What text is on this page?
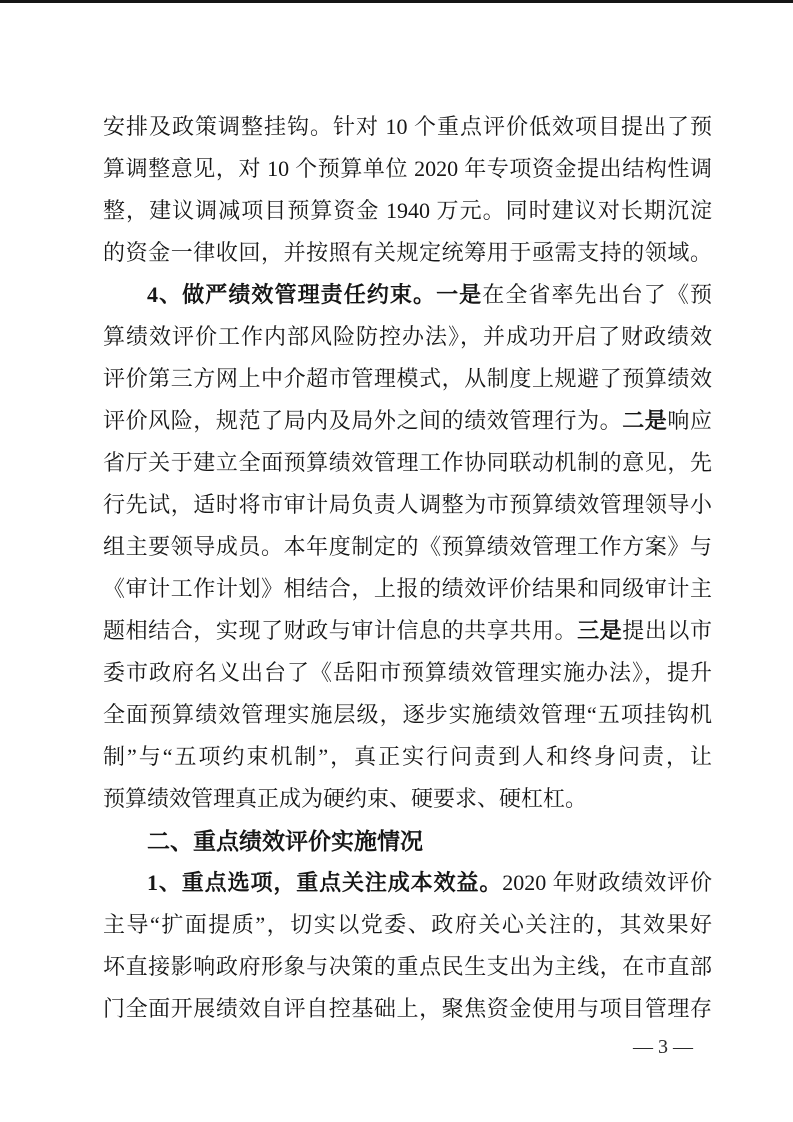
安排及政策调整挂钩。针对 10 个重点评价低效项目提出了预
算调整意见，对 10 个预算单位 2020 年专项资金提出结构性调
整，建议调减项目预算资金 1940 万元。同时建议对长期沉淀
的资金一律收回，并按照有关规定统筹用于亟需支持的领域。
4、做严绩效管理责任约束。一是在全省率先出台了《预
算绩效评价工作内部风险防控办法》，并成功开启了财政绩效
评价第三方网上中介超市管理模式，从制度上规避了预算绩效
评价风险，规范了局内及局外之间的绩效管理行为。二是响应
省厅关于建立全面预算绩效管理工作协同联动机制的意见，先
行先试，适时将市审计局负责人调整为市预算绩效管理领导小
组主要领导成员。本年度制定的《预算绩效管理工作方案》与
《审计工作计划》相结合，上报的绩效评价结果和同级审计主
题相结合，实现了财政与审计信息的共享共用。三是提出以市
委市政府名义出台了《岳阳市预算绩效管理实施办法》，提升
全面预算绩效管理实施层级，逐步实施绩效管理“五项挂钩机
制”与“五项约束机制”，真正实行问责到人和终身问责，让
预算绩效管理真正成为硬约束、硬要求、硬杠杠。
二、重点绩效评价实施情况
1、重点选项，重点关注成本效益。2020 年财政绩效评价
主导“扩面提质”，切实以党委、政府关心关注的，其效果好
坏直接影响政府形象与决策的重点民生支出为主线，在市直部
门全面开展绩效自评自控基础上，聚焦资金使用与项目管理存
— 3 —
